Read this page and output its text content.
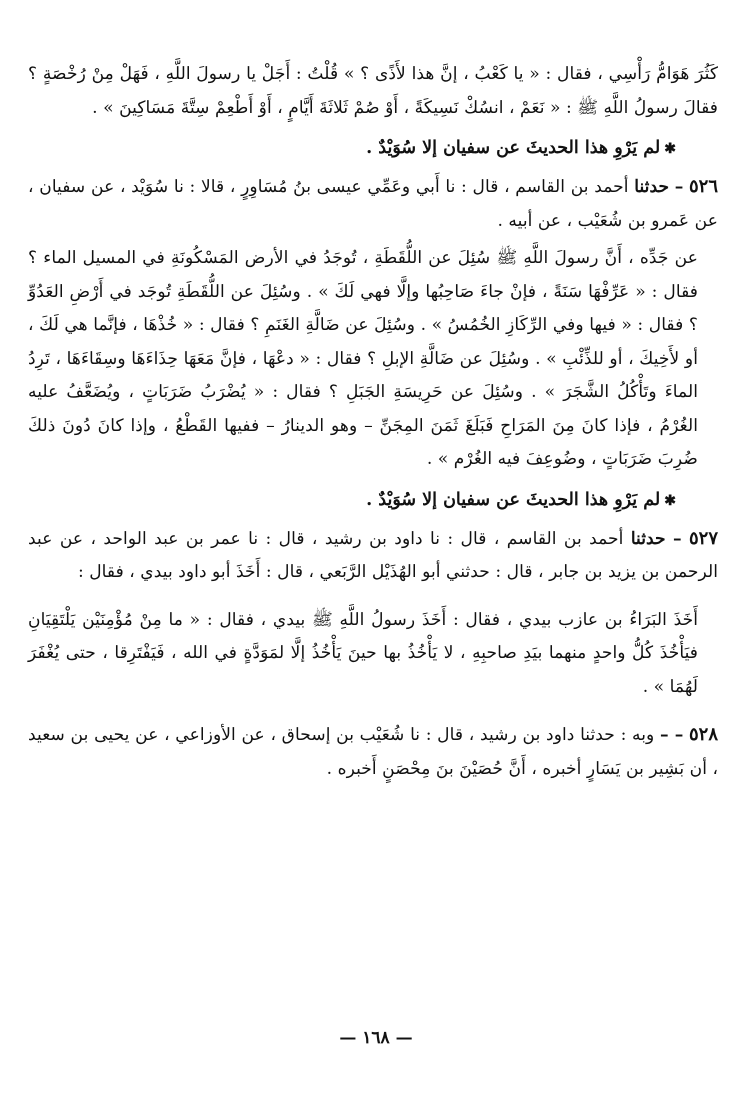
كَثُرَ هَوَامُّ رَأْسِي ، فقال : « يا كَعْبُ ، إنَّ هذا لأَذًى ؟ » قُلْتُ : أَجَلْ يا رسولَ اللَّهِ ، فَهَلْ مِنْ رُخْصَةٍ ؟ فقالَ رسولُ اللَّهِ ﷺ : « نَعَمْ ، انسُكْ نَسِيكَةً ، أَوْ صُمْ ثَلاثَةَ أَيَّامٍ ، أَوْ أَطْعِمْ سِتَّةَ مَسَاكِينَ » .

✱لم يَرْوِ هذا الحديثَ عن سفيان إلا سُوَيْدٌ .

٥٢٦ – حدثنا أحمد بن القاسم ، قال : نا أَبي وعَمِّي عيسى بنُ مُسَاوِرٍ ، قالا : نا سُوَيْد ، عن سفيان ، عن عَمرو بن شُعَيْب ، عن أبيه .

عن جَدِّه ، أَنَّ رسولَ اللَّهِ ﷺ سُئِلَ عن اللُّقَطَةِ ، تُوجَدُ في الأرض المَسْكُونَةِ في المسيل الماء ؟ فقال : « عَرِّفْهَا سَنَةً ، فإنْ جاءَ صَاحِبُها وإلَّا فهي لَكَ » . وسُئِلَ عن اللُّقَطَةِ تُوجَد في أَرْضِ العَدُوِّ ؟ فقال : « فيها وفي الرِّكَازِ الخُمُسُ » . وسُئِلَ عن ضَالَّةِ الغَنَمِ ؟ فقال : « خُذْهَا ، فإنَّما هي لَكَ ، أو لأَخِيكَ ، أو للذِّئْبِ » . وسُئِلَ عن ضَالَّةِ الإبلِ ؟ فقال : « دعْهَا ، فإنَّ مَعَهَا حِذَاءَهَا وسِقَاءَهَا ، تَرِدُ الماءَ وتَأْكُلُ الشَّجَرَ » . وسُئِلَ عن حَرِيسَةِ الجَبَلِ ؟ فقال : « يُضْرَبُ ضَرَبَاتٍ ، ويُضَعَّفُ عليه الغُرْمُ ، فإذا كانَ مِنَ المَرَاحِ فَبَلَغَ ثَمَنَ المِجَنِّ – وهو الدينارُ – ففيها القَطْعُ ، وإذا كانَ دُونَ ذلكَ ضُرِبَ ضَرَبَاتٍ ، وضُوعِفَ فيه الغُرْم » .

✱لم يَرْوِ هذا الحديثَ عن سفيان إلا سُوَيْدٌ .

٥٢٧ – حدثنا أحمد بن القاسم ، قال : نا داود بن رشيد ، قال : نا عمر بن عبد الواحد ، عن عبد الرحمن بن يزيد بن جابر ، قال : حدثني أبو الهُذَيْل الرَّبَعي ، قال : أَخَذَ أبو داود بيدي ، فقال :

أَخَذَ البَرَاءُ بن عازب بيدي ، فقال : أَخَذَ رسولُ اللَّهِ ﷺ بيدي ، فقال : « ما مِنْ مُؤْمِنَيْن يَلْتَقِيَانِ فيَأْخُذَ كُلُّ واحدٍ منهما بيَدِ صاحبِهِ ، لا يَأْخُذُ بها حينَ يَأْخُذُ إلَّا لمَوَدَّةٍ في الله ، فَيَفْتَرِقا ، حتى يُغْفَرَ لَهُمَا » .

٥٢٨ – – وبه : حدثنا داود بن رشيد ، قال : نا شُعَيْب بن إسحاق ، عن الأوزاعي ، عن يحيى بن سعيد ، أن بَشِير بن يَسَارٍ أخبره ، أَنَّ حُصَيْنَ بنَ مِحْصَنٍ أَخبره .

— ١٦٨ —
